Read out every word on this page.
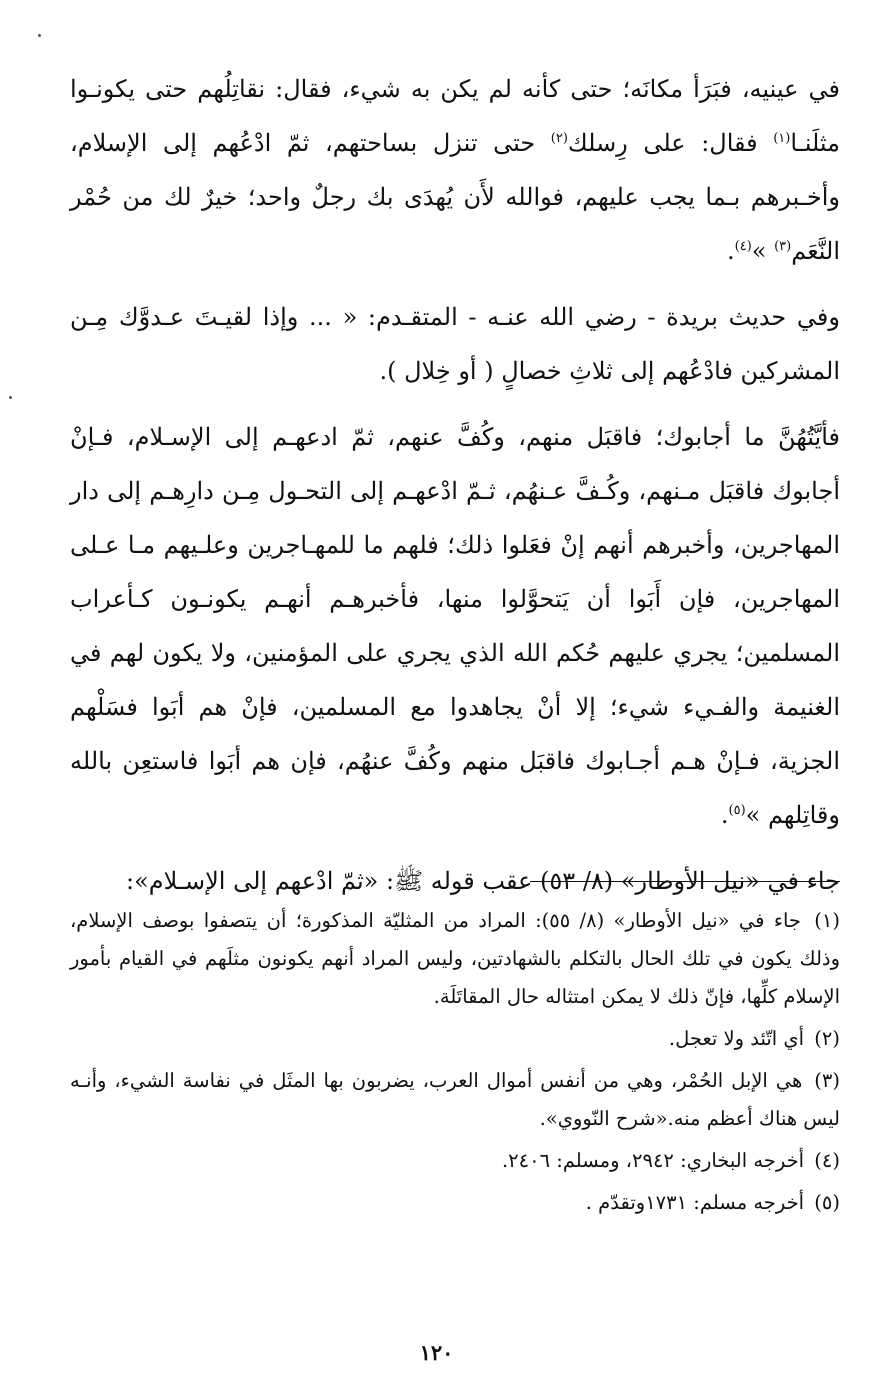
في عينيه، فبَرَأ مكانَه؛ حتى كأنه لم يكن به شيء، فقال: نقاتِلُهم حتى يكونـوا مثلَنـا$^{(١)}$ فقال: على رِسلك$^{(٢)}$ حتى تنزل بساحتهم، ثمّ ادْعُهم إلى الإسلام، وأخـبرهم بـما يجب عليهم، فوالله لأَن يُهدَى بك رجلٌ واحد؛ خيرٌ لك من حُمْر النَّعَم$^{(٣)}$ »$^{(٤)}$.

وفي حديث بريدة - رضي الله عنـه - المتقـدم: « ... وإذا لقيـتَ عـدوَّك مِـن المشركين فادْعُهم إلى ثلاثِ خصالٍ ( أو خِلال ).

فأيَّتُهُنَّ ما أجابوك؛ فاقبَل منهم، وكُفَّ عنهم، ثمّ ادعهـم إلى الإسـلام، فـإنْ أجابوك فاقبَل مـنهم، وكُـفَّ عـنهُم، ثـمّ ادْعهـم إلى التحـول مِـن دارِهـم إلى دار المهاجرين، وأخبرهم أنهم إنْ فعَلوا ذلك؛ فلهم ما للمهـاجرين وعلـيهم مـا عـلى المهاجرين، فإن أَبَوا أن يَتحوَّلوا منها، فأخبرهـم أنهـم يكونـون كـأعراب المسلمين؛ يجري عليهم حُكم الله الذي يجري على المؤمنين، ولا يكون لهم في الغنيمة والفـيء شيء؛ إلا أنْ يجاهدوا مع المسلمين، فإنْ هم أبَوا فسَلْهم الجزية، فـإنْ هـم أجـابوك فاقبَل منهم وكُفَّ عنهُم، فإن هم أبَوا فاستعِن بالله وقاتِلهم »$^{(٥)}$.

جاء في «نيل الأوطار» (٨/ ٥٣) عقب قوله ﷺ: «ثمّ ادْعهم إلى الإسـلام»:

(١) جاء في «نيل الأوطار» (٨/ ٥٥): المراد من المثليّة المذكورة؛ أن يتصفوا بوصف الإسلام، وذلك يكون في تلك الحال بالتكلم بالشهادتين، وليس المراد أنهم يكونون مثلَهم في القيام بأمور الإسلام كلِّها، فإنّ ذلك لا يمكن امتثاله حال المقاتَلَة.

(٢) أي اتّئد ولا تعجل.

(٣) هي الإبل الحُمْر، وهي من أنفس أموال العرب، يضربون بها المثَل في نفاسة الشيء، وأنـه ليس هناك أعظم منه.«شرح النّووي».

(٤) أخرجه البخاري: ٢٩٤٢، ومسلم: ٢٤٠٦.

(٥) أخرجه مسلم: ١٧٣١وتقدّم .

١٢٠
